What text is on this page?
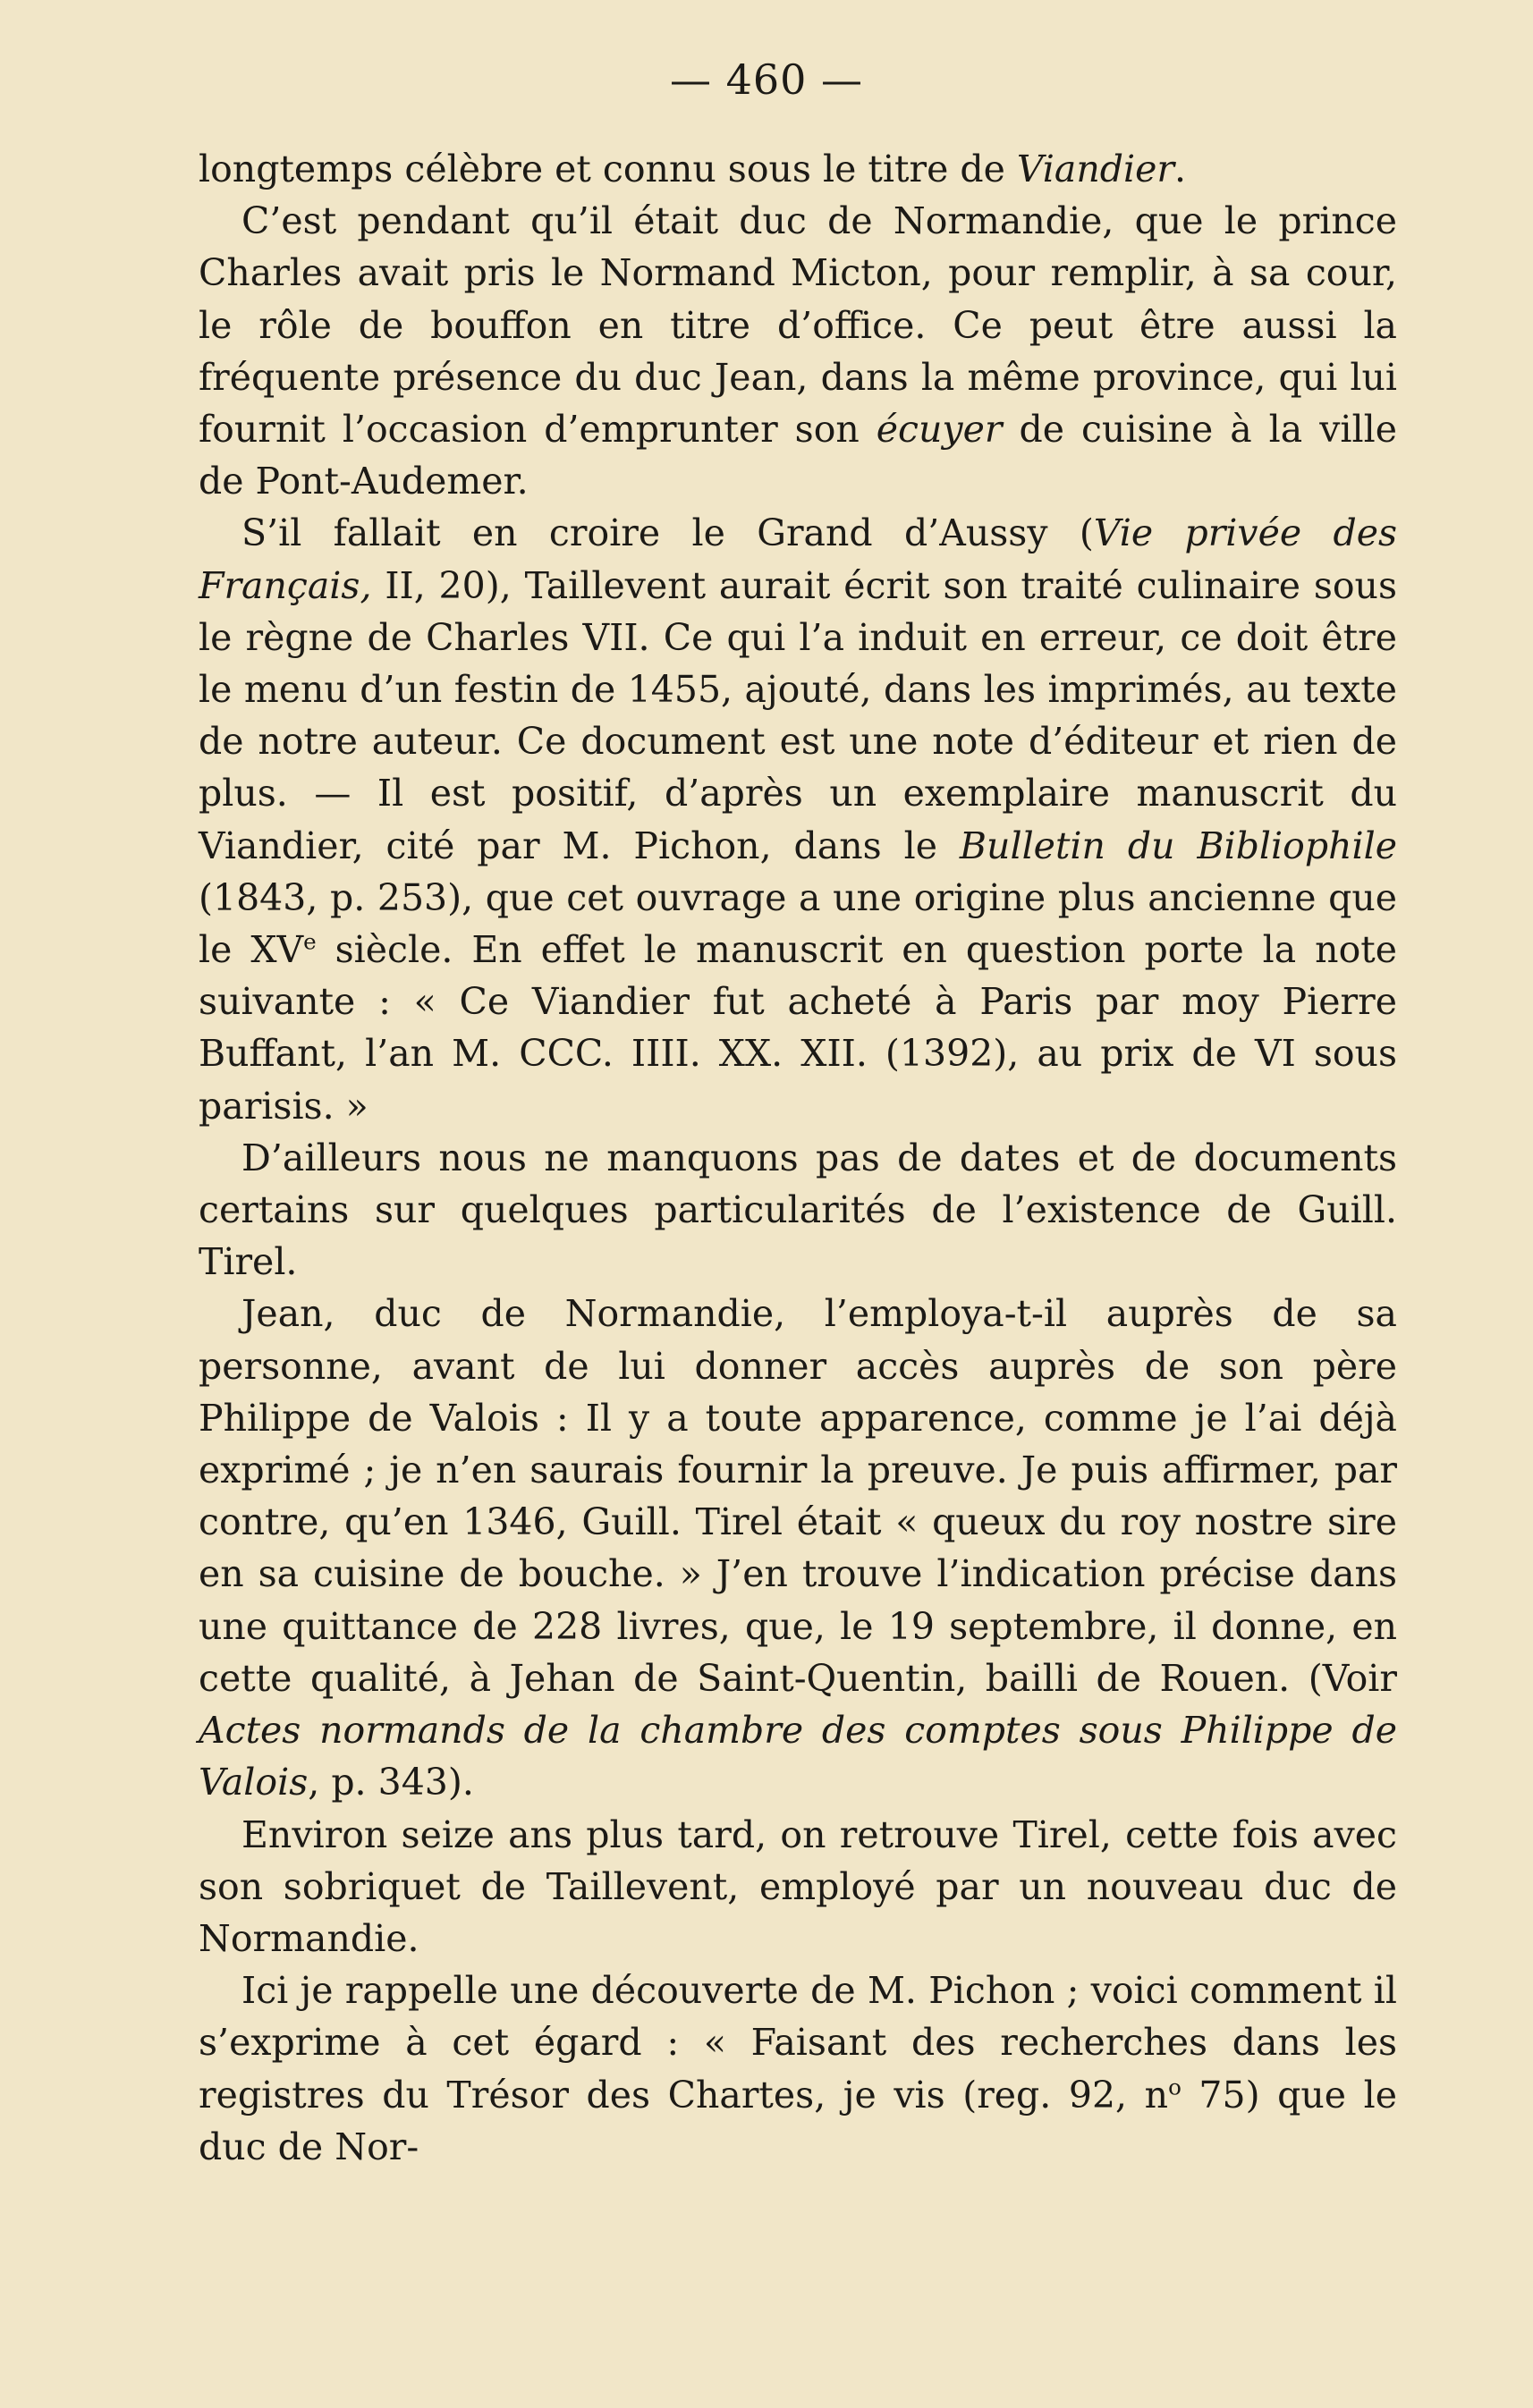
— 460 —

longtemps célèbre et connu sous le titre de Viandier.

C’est pendant qu’il était duc de Normandie, que le prince Charles avait pris le Normand Micton, pour remplir, à sa cour, le rôle de bouffon en titre d’office. Ce peut être aussi la fréquente présence du duc Jean, dans la même province, qui lui fournit l’occasion d’emprunter son écuyer de cuisine à la ville de Pont-Audemer.

S’il fallait en croire le Grand d’Aussy (Vie privée des Français, II, 20), Taillevent aurait écrit son traité culinaire sous le règne de Charles VII. Ce qui l’a induit en erreur, ce doit être le menu d’un festin de 1455, ajouté, dans les imprimés, au texte de notre auteur. Ce document est une note d’éditeur et rien de plus. — Il est positif, d’après un exemplaire manuscrit du Viandier, cité par M. Pichon, dans le Bulletin du Bibliophile (1843, p. 253), que cet ouvrage a une origine plus ancienne que le XVe siècle. En effet le manuscrit en question porte la note suivante : « Ce Viandier fut acheté à Paris par moy Pierre Buffant, l’an M. CCC. IIII. XX. XII. (1392), au prix de VI sous parisis. »

D’ailleurs nous ne manquons pas de dates et de documents certains sur quelques particularités de l’existence de Guill. Tirel.

Jean, duc de Normandie, l’employa-t-il auprès de sa personne, avant de lui donner accès auprès de son père Philippe de Valois : Il y a toute apparence, comme je l’ai déjà exprimé ; je n’en saurais fournir la preuve. Je puis affirmer, par contre, qu’en 1346, Guill. Tirel était « queux du roy nostre sire en sa cuisine de bouche. » J’en trouve l’indication précise dans une quittance de 228 livres, que, le 19 septembre, il donne, en cette qualité, à Jehan de Saint-Quentin, bailli de Rouen. (Voir Actes normands de la chambre des comptes sous Philippe de Valois, p. 343).

Environ seize ans plus tard, on retrouve Tirel, cette fois avec son sobriquet de Taillevent, employé par un nouveau duc de Normandie.

Ici je rappelle une découverte de M. Pichon ; voici comment il s’exprime à cet égard : « Faisant des recherches dans les registres du Trésor des Chartes, je vis (reg. 92, $n^o$ 75) que le duc de Nor-
